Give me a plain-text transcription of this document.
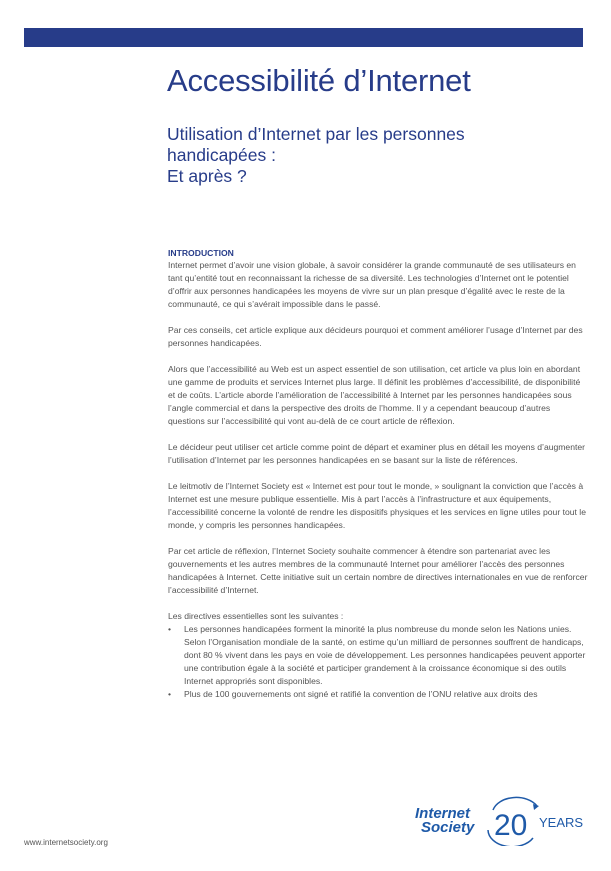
Accessibilité d’Internet
Utilisation d’Internet par les personnes
handicapées :
Et après ?
INTRODUCTION

Internet permet d’avoir une vision globale, à savoir considérer la grande communauté de ses utilisateurs en tant qu’entité tout en reconnaissant la richesse de sa diversité. Les technologies d’Internet ont le potentiel d’offrir aux personnes handicapées les moyens de vivre sur un plan presque d’égalité avec le reste de la communauté, ce qui s’avérait impossible dans le passé.

Par ces conseils, cet article explique aux décideurs pourquoi et comment améliorer l’usage d’Internet par des personnes handicapées.

Alors que l’accessibilité au Web est un aspect essentiel de son utilisation, cet article va plus loin en abordant une gamme de produits et services Internet plus large. Il définit les problèmes d’accessibilité, de disponibilité et de coûts. L’article aborde l’amélioration de l’accessibilité à Internet par les personnes handicapées sous l’angle commercial et dans la perspective des droits de l’homme. Il y a cependant beaucoup d’autres questions sur l’accessibilité qui vont au-delà de ce court article de réflexion.

Le décideur peut utiliser cet article comme point de départ et examiner plus en détail les moyens d’augmenter l’utilisation d’Internet par les personnes handicapées en se basant sur la liste de références.

Le leitmotiv de l’Internet Society est « Internet est pour tout le monde, » soulignant la conviction que l’accès à Internet est une mesure publique essentielle. Mis à part l’accès à l’infrastructure et aux équipements, l’accessibilité concerne la volonté de rendre les dispositifs physiques et les services en ligne utiles pour tout le monde, y compris les personnes handicapées.

Par cet article de réflexion, l’Internet Society souhaite commencer à étendre son partenariat avec les gouvernements et les autres membres de la communauté Internet pour améliorer l’accès des personnes handicapées à Internet. Cette initiative suit un certain nombre de directives internationales en vue de renforcer l’accessibilité d’Internet.

Les directives essentielles sont les suivantes :

• Les personnes handicapées forment la minorité la plus nombreuse du monde selon les Nations unies. Selon l’Organisation mondiale de la santé, on estime qu’un milliard de personnes souffrent de handicaps, dont 80 % vivent dans les pays en voie de développement. Les personnes handicapées peuvent apporter une contribution égale à la société et participer grandement à la croissance économique si des outils Internet appropriés sont disponibles.
• Plus de 100 gouvernements ont signé et ratifié la convention de l’ONU relative aux droits des
www.internetsociety.org
Internet
Society 20 YEARS
